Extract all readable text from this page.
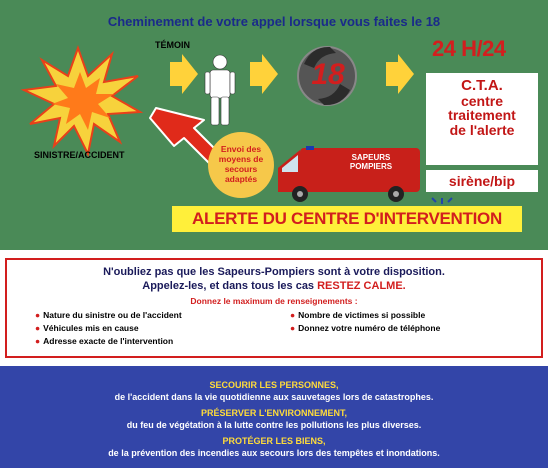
Cheminement de votre appel lorsque vous faites le 18
TÉMOIN
SINISTRE/ACCIDENT
18
24 H/24
C.T.A.
centre
traitement
de l'alerte
sirène/bip
Envoi des moyens de secours adaptés
SAPEURS
POMPIERS
ALERTE DU CENTRE D'INTERVENTION
N'oubliez pas que les Sapeurs-Pompiers sont à votre disposition.
Appelez-les, et dans tous les cas RESTEZ CALME.
Donnez le maximum de renseignements :
● Nature du sinistre ou de l'accident
● Véhicules mis en cause
● Adresse exacte de l'intervention
● Nombre de victimes si possible
● Donnez votre numéro de téléphone
SECOURIR LES PERSONNES,
de l'accident dans la vie quotidienne aux sauvetages lors de catastrophes.
PRÉSERVER L'ENVIRONNEMENT,
du feu de végétation à la lutte contre les pollutions les plus diverses.
PROTÉGER LES BIENS,
de la prévention des incendies aux secours lors des tempêtes et inondations.
